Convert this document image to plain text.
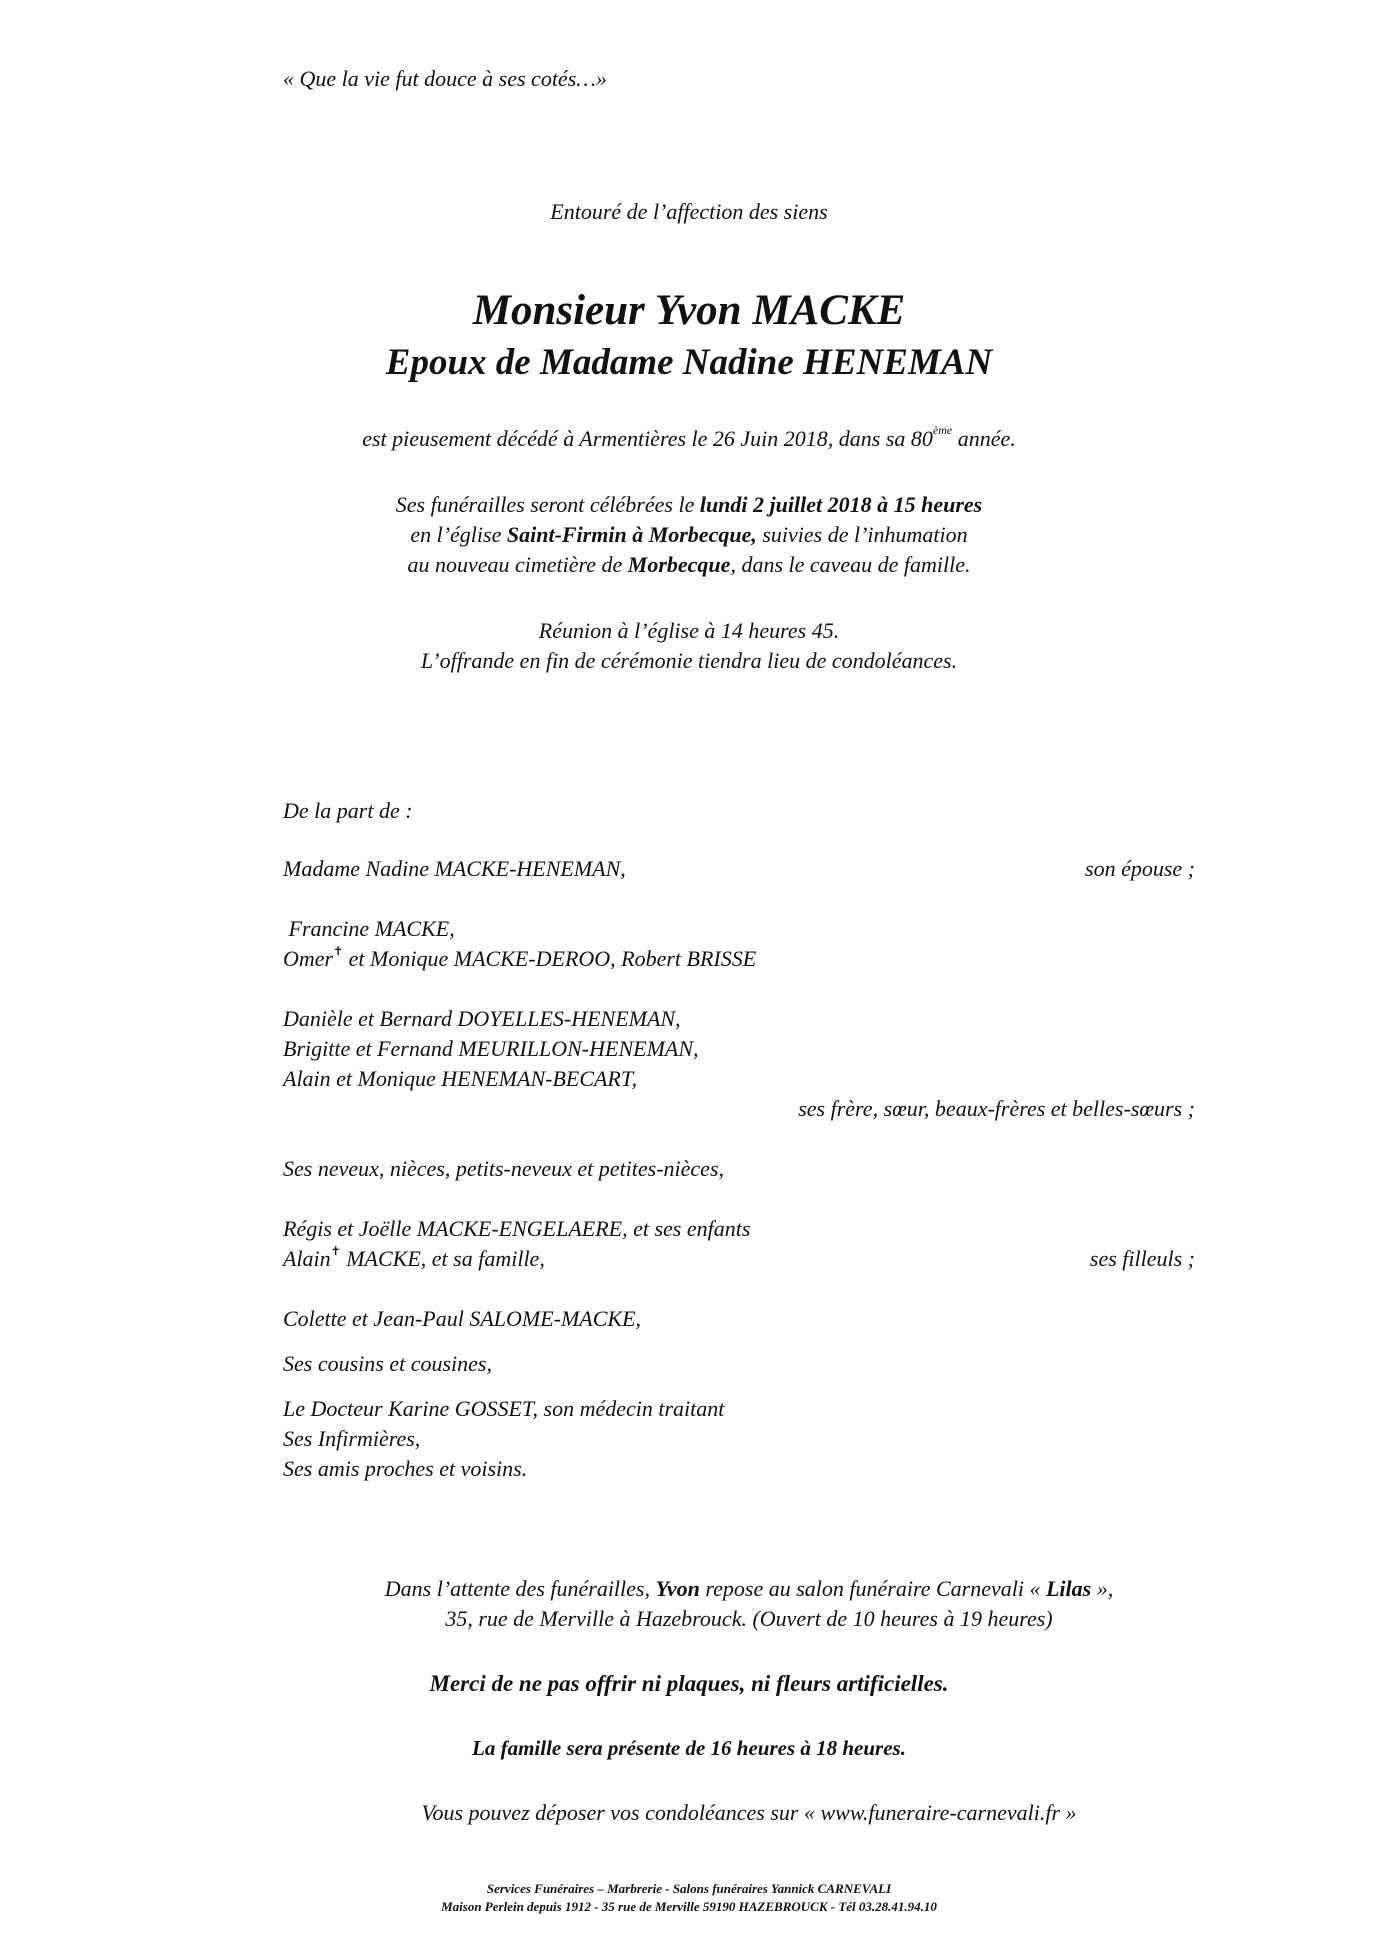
« Que la vie fut douce à ses cotés…»
Entouré de l’affection des siens
Monsieur Yvon MACKE
Epoux de Madame Nadine HENEMAN
est pieusement décédé à Armentières le 26 Juin 2018, dans sa 80ème année.
Ses funérailles seront célébrées le lundi 2 juillet 2018 à 15 heures
en l’église Saint-Firmin à Morbecque, suivies de l’inhumation
au nouveau cimetière de Morbecque, dans le caveau de famille.
Réunion à l’église à 14 heures 45.
L’offrande en fin de cérémonie tiendra lieu de condoléances.
De la part de :
Madame Nadine MACKE-HENEMAN,	son épouse ;
Francine MACKE,
Omer✝ et Monique MACKE-DEROO, Robert BRISSE
Danièle et Bernard DOYELLES-HENEMAN,
Brigitte et Fernand MEURILLON-HENEMAN,
Alain et Monique HENEMAN-BECART,
ses frère, sœur, beaux-frères et belles-sœurs ;
Ses neveux, nièces, petits-neveux et petites-nièces,
Régis et Joëlle MACKE-ENGELAERE, et ses enfants
Alain✝ MACKE, et sa famille,	ses filleuls ;
Colette et Jean-Paul SALOME-MACKE,
Ses cousins et cousines,
Le Docteur Karine GOSSET, son médecin traitant
Ses Infirmières,
Ses amis proches et voisins.
Dans l’attente des funérailles, Yvon repose au salon funéraire Carnevali « Lilas »,
35, rue de Merville à Hazebrouck. (Ouvert de 10 heures à 19 heures)
Merci de ne pas offrir ni plaques, ni fleurs artificielles.
La famille sera présente de 16 heures à 18 heures.
Vous pouvez déposer vos condoléances sur « www.funeraire-carnevali.fr »
Services Funéraires – Marbrerie - Salons funéraires Yannick CARNEVALI
Maison Perlein depuis 1912 - 35 rue de Merville 59190 HAZEBROUCK - Tél 03.28.41.94.10
